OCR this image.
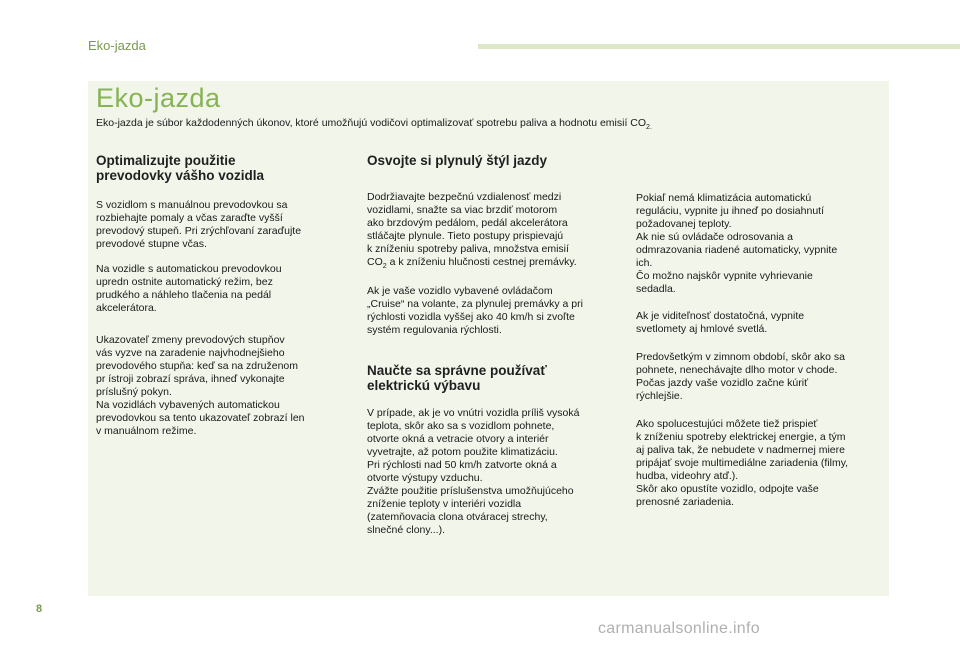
Eko-jazda
Eko-jazda
Eko-jazda je súbor každodenných úkonov, ktoré umožňujú vodičovi optimalizovať spotrebu paliva a hodnotu emisií $CO_{2.}$
Optimalizujte použitie
prevodovky vášho vozidla

S vozidlom s manuálnou prevodovkou sa
rozbiehajte pomaly a včas zaraďte vyšší
prevodový stupeň. Pri zrýchľovaní zaraďujte
prevodové stupne včas.

Na vozidle s automatickou prevodovkou
upredn ostnite automatický režim, bez
prudkého a náhleho tlačenia na pedál
akcelerátora.

Ukazovateľ zmeny prevodových stupňov
vás vyzve na zaradenie najvhodnejšieho
prevodového stupňa: keď sa na združenom
pr ístroji zobrazí správa, ihneď vykonajte
príslušný pokyn.
Na vozidlách vybavených automatickou
prevodovkou sa tento ukazovateľ zobrazí len
v manuálnom režime.

Osvojte si plynulý štýl jazdy

Dodržiavajte bezpečnú vzdialenosť medzi
vozidlami, snažte sa viac brzdiť motorom
ako brzdovým pedálom, pedál akcelerátora
stláčajte plynule. Tieto postupy prispievajú
k zníženiu spotreby paliva, množstva emisií
$CO_2$ a k zníženiu hlučnosti cestnej premávky.

Ak je vaše vozidlo vybavené ovládačom
„Cruise“ na volante, za plynulej premávky a pri
rýchlosti vozidla vyššej ako 40 km/h si zvoľte
systém regulovania rýchlosti.

Naučte sa správne používať
elektrickú výbavu

V prípade, ak je vo vnútri vozidla príliš vysoká
teplota, skôr ako sa s vozidlom pohnete,
otvorte okná a vetracie otvory a interiér
vyvetrajte, až potom použite klimatizáciu.
Pri rýchlosti nad 50 km/h zatvorte okná a
otvorte výstupy vzduchu.
Zvážte použitie príslušenstva umožňujúceho
zníženie teploty v interiéri vozidla
(zatemňovacia clona otváracej strechy,
slnečné clony...).

Pokiaľ nemá klimatizácia automatickú
reguláciu, vypnite ju ihneď po dosiahnutí
požadovanej teploty.
Ak nie sú ovládače odrosovania a
odmrazovania riadené automaticky, vypnite
ich.
Čo možno najskôr vypnite vyhrievanie
sedadla.

Ak je viditeľnosť dostatočná, vypnite
svetlomety aj hmlové svetlá.

Predovšetkým v zimnom období, skôr ako sa
pohnete, nenechávajte dlho motor v chode.
Počas jazdy vaše vozidlo začne kúriť
rýchlejšie.

Ako spolucestujúci môžete tiež prispieť
k zníženiu spotreby elektrickej energie, a tým
aj paliva tak, že nebudete v nadmernej miere
pripájať svoje multimediálne zariadenia (filmy,
hudba, videohry atď.).
Skôr ako opustíte vozidlo, odpojte vaše
prenosné zariadenia.

8
carmanualsonline.info
